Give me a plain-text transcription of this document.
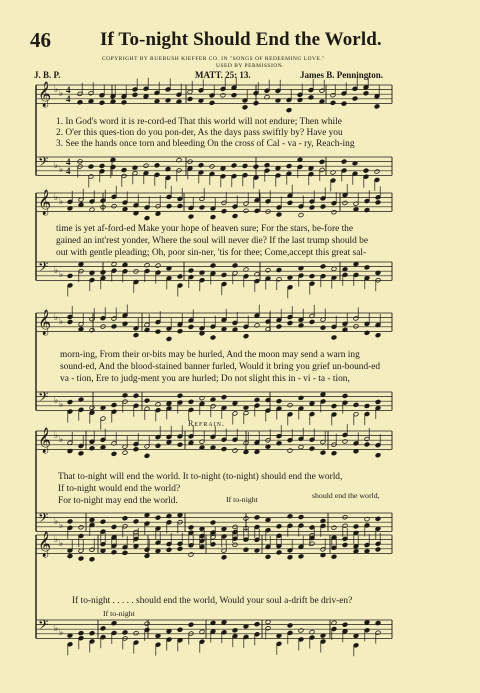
46	If To-night Should End the World.
COPYRIGHT BY RUEBUSH KIEFFER CO. IN "SONGS OF REDEEMING LOVE."
USED BY PERMISSION.
J. B. P.	MATT. 25: 13.	James B. Pennington.
𝄞 ♭ ♭ 4
4
𝄢 ♭ ♭
4
4
𝄞 ♭ ♭
𝄢 ♭ ♭
𝄞 ♭ ♭
𝄢 ♭ ♭
𝄞 ♭ ♭
𝄢 ♭ ♭
𝄞 ♭ ♭
𝄢 ♭ ♭
1. In God's word it is re-cord-ed That this world will not endure; Then while
2. O'er this ques-tion do you pon-der, As the days pass swiftly by? Have you
3. See the hands once torn and bleeding On the cross of Cal - va - ry, Reach-ing
time is yet af-ford-ed Make your hope of heaven sure; For the stars, be-fore the
gained an int'rest yonder, Where the soul will never die? If the last trump should be
out with gentle pleading; Oh, poor sin-ner, 'tis for thee; Come,accept this great sal-
morn-ing, From their or-bits may be hurled, And the moon may send a warn ing
sound-ed, And the blood-stained banner furled, Would it bring you grief un-bound-ed
va - tion, Ere to judg-ment you are hurled; Do not slight this in - vi - ta - tion,
Refrain.
That to-night will end the world. It to-night (to-night) should end the world,
If to-night would end the world?
For to-night may end the world.	If to-night	should end the world,
If to-night . . . . . should end the world, Would your soul a-drift be driv-en?
If to-night
